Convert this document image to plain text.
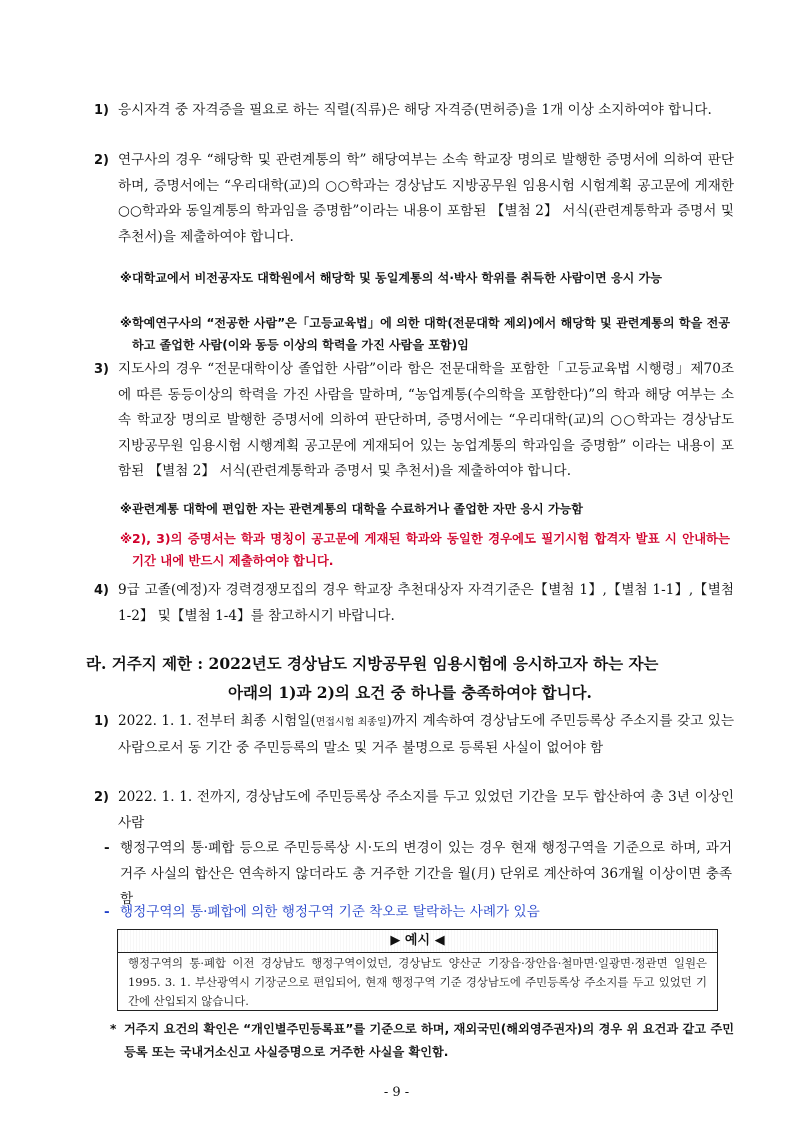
1) 응시자격 중 자격증을 필요로 하는 직렬(직류)은 해당 자격증(면허증)을 1개 이상 소지하여야 합니다.
2) 연구사의 경우 “해당학 및 관련계통의 학” 해당여부는 소속 학교장 명의로 발행한 증명서에 의하여 판단하며, 증명서에는 “우리대학(교)의 ○○학과는 경상남도 지방공무원 임용시험 시험계획 공고문에 게재한 ○○학과와 동일계통의 학과임을 증명함”이라는 내용이 포함된 【별첨 2】 서식(관련계통학과 증명서 및 추천서)을 제출하여야 합니다.
※ 대학교에서 비전공자도 대학원에서 해당학 및 동일계통의 석·박사 학위를 취득한 사람이면 응시 가능
※ 학예연구사의 “전공한 사람”은「고등교육법」에 의한 대학(전문대학 제외)에서 해당학 및 관련계통의 학을 전공하고 졸업한 사람(이와 동등 이상의 학력을 가진 사람을 포함)임
3) 지도사의 경우 “전문대학이상 졸업한 사람”이라 함은 전문대학을 포함한「고등교육법 시행령」제70조에 따른 동등이상의 학력을 가진 사람을 말하며, “농업계통(수의학을 포함한다)”의 학과 해당 여부는 소속 학교장 명의로 발행한 증명서에 의하여 판단하며, 증명서에는 “우리대학(교)의 ○○학과는 경상남도 지방공무원 임용시험 시행계획 공고문에 게재되어 있는 농업계통의 학과임을 증명함” 이라는 내용이 포함된 【별첨 2】 서식(관련계통학과 증명서 및 추천서)을 제출하여야 합니다.
※ 관련계통 대학에 편입한 자는 관련계통의 대학을 수료하거나 졸업한 자만 응시 가능함
※ 2), 3)의 증명서는 학과 명칭이 공고문에 게재된 학과와 동일한 경우에도 필기시험 합격자 발표 시 안내하는 기간 내에 반드시 제출하여야 합니다.
4) 9급 고졸(예정)자 경력경쟁모집의 경우 학교장 추천대상자 자격기준은【별첨 1】,【별첨 1-1】,【별첨 1-2】 및【별첨 1-4】를 참고하시기 바랍니다.
라. 거주지 제한 : 2022년도 경상남도 지방공무원 임용시험에 응시하고자 하는 자는
아래의 1)과 2)의 요건 중 하나를 충족하여야 합니다.
1) 2022. 1. 1. 전부터 최종 시험일(면접시험 최종일)까지 계속하여 경상남도에 주민등록상 주소지를 갖고 있는 사람으로서 동 기간 중 주민등록의 말소 및 거주 불명으로 등록된 사실이 없어야 함
2) 2022. 1. 1. 전까지, 경상남도에 주민등록상 주소지를 두고 있었던 기간을 모두 합산하여 총 3년 이상인 사람
- 행정구역의 통·폐합 등으로 주민등록상 시·도의 변경이 있는 경우 현재 행정구역을 기준으로 하며, 과거 거주 사실의 합산은 연속하지 않더라도 총 거주한 기간을 월(月) 단위로 계산하여 36개월 이상이면 충족함
- 행정구역의 통·폐합에 의한 행정구역 기준 착오로 탈락하는 사례가 있음
▶ 예시 ◀
행정구역의 통·폐합 이전 경상남도 행정구역이었던, 경상남도 양산군 기장읍·장안읍·철마면·일광면·정관면 일원은 1995. 3. 1. 부산광역시 기장군으로 편입되어, 현재 행정구역 기준 경상남도에 주민등록상 주소지를 두고 있었던 기간에 산입되지 않습니다.
* 거주지 요건의 확인은 “개인별주민등록표”를 기준으로 하며, 재외국민(해외영주권자)의 경우 위 요건과 같고 주민등록 또는 국내거소신고 사실증명으로 거주한 사실을 확인함.
- 9 -
